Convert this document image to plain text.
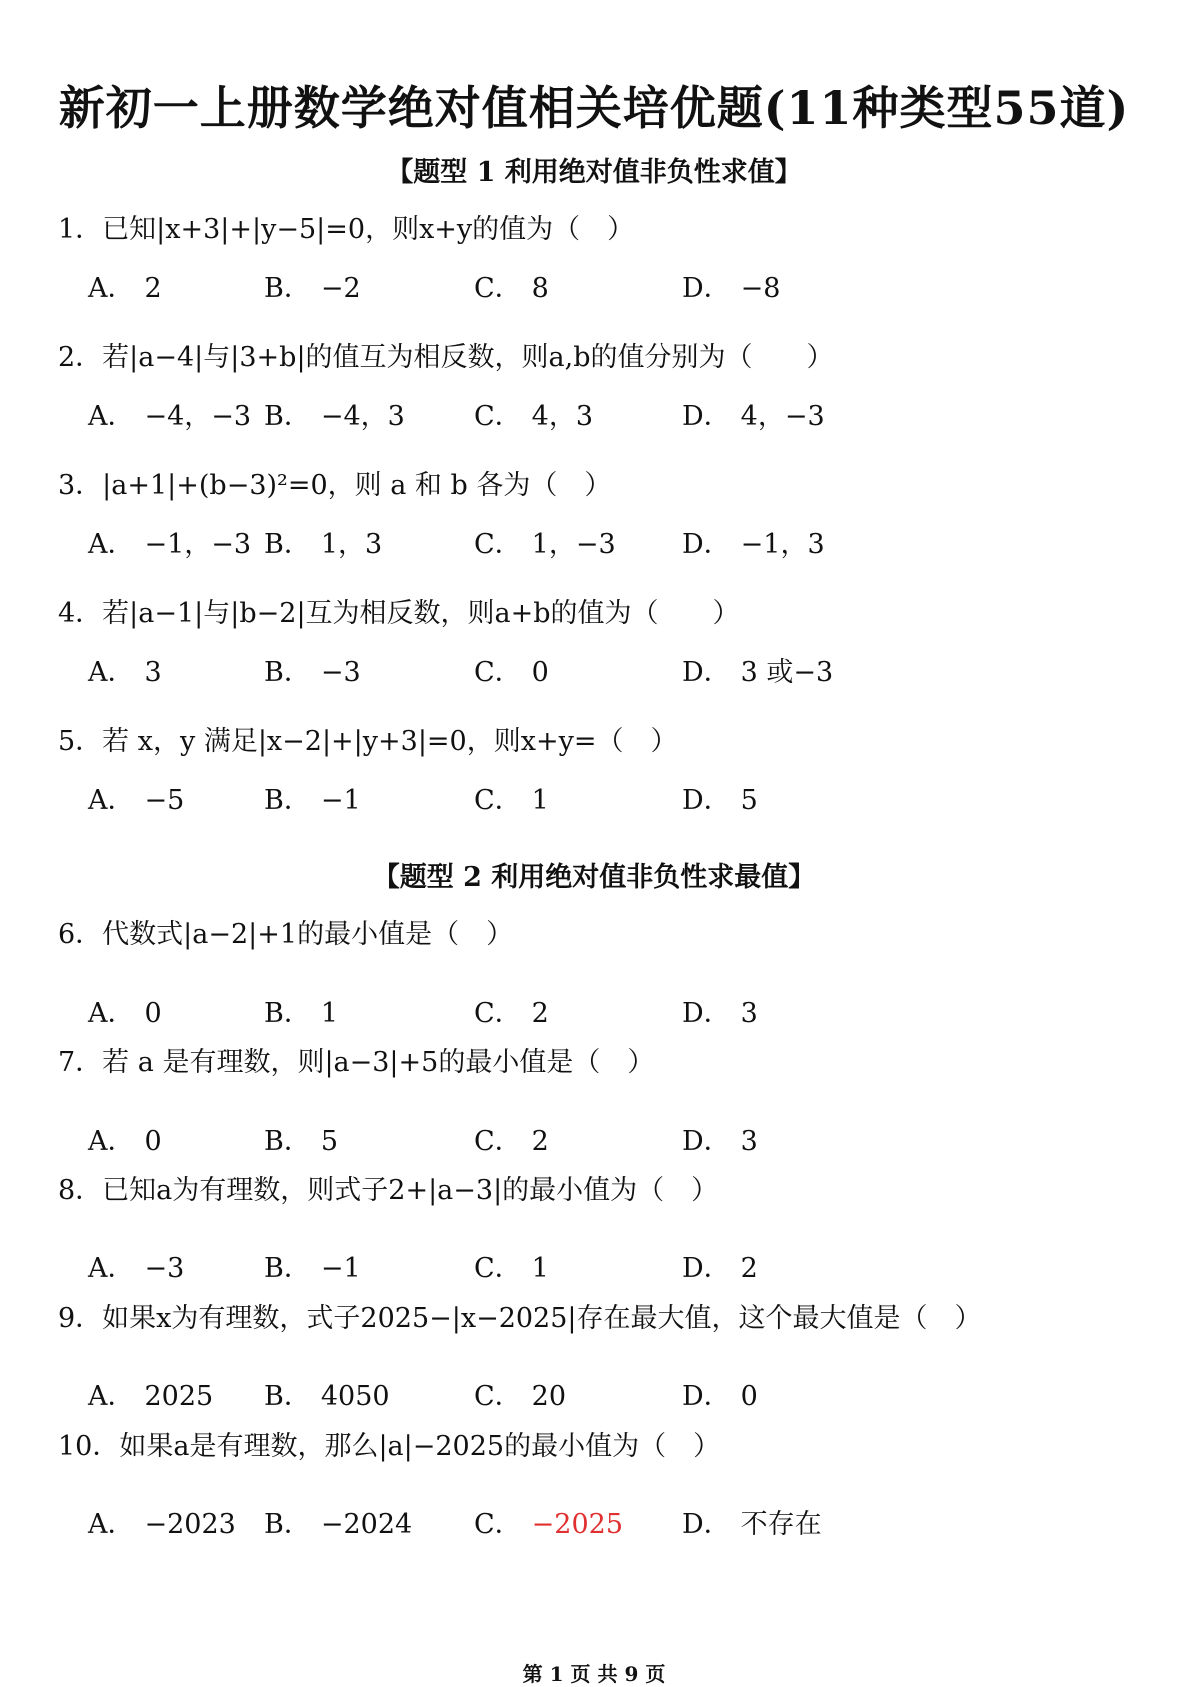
新初一上册数学绝对值相关培优题(11种类型55道)
【题型 1 利用绝对值非负性求值】
1．已知|x+3|+|y−5|=0，则x+y的值为（　）
A． 2	B． −2	C． 8	D． −8
2．若|a−4|与|3+b|的值互为相反数，则a,b的值分别为（　　）
A． −4，−3 B． −4，3	C． 4，3	D． 4，−3
3．|a+1|+(b−3)²=0，则 a 和 b 各为（　）
A． −1，−3 B． 1，3	C． 1，−3 D． −1，3
4．若|a−1|与|b−2|互为相反数，则a+b的值为（　　）
A． 3	B． −3	C． 0	D． 3 或−3
5．若 x，y 满足|x−2|+|y+3|=0，则x+y=（　）
A． −5	B． −1	C． 1	D． 5
【题型 2 利用绝对值非负性求最值】
6．代数式|a−2|+1的最小值是（　）
A． 0	B． 1	C． 2	D． 3
7．若 a 是有理数，则|a−3|+5的最小值是（　）
A． 0	B． 5	C． 2	D． 3
8．已知a为有理数，则式子2+|a−3|的最小值为（　）
A． −3	B． −1	C． 1	D． 2
9．如果x为有理数，式子2025−|x−2025|存在最大值，这个最大值是（　）
A． 2025 B． 4050	C． 20	D． 0
10．如果a是有理数，那么|a|−2025的最小值为（　）
A． −2023 B． −2024 C． −2025 D． 不存在
第 1 页 共 9 页
